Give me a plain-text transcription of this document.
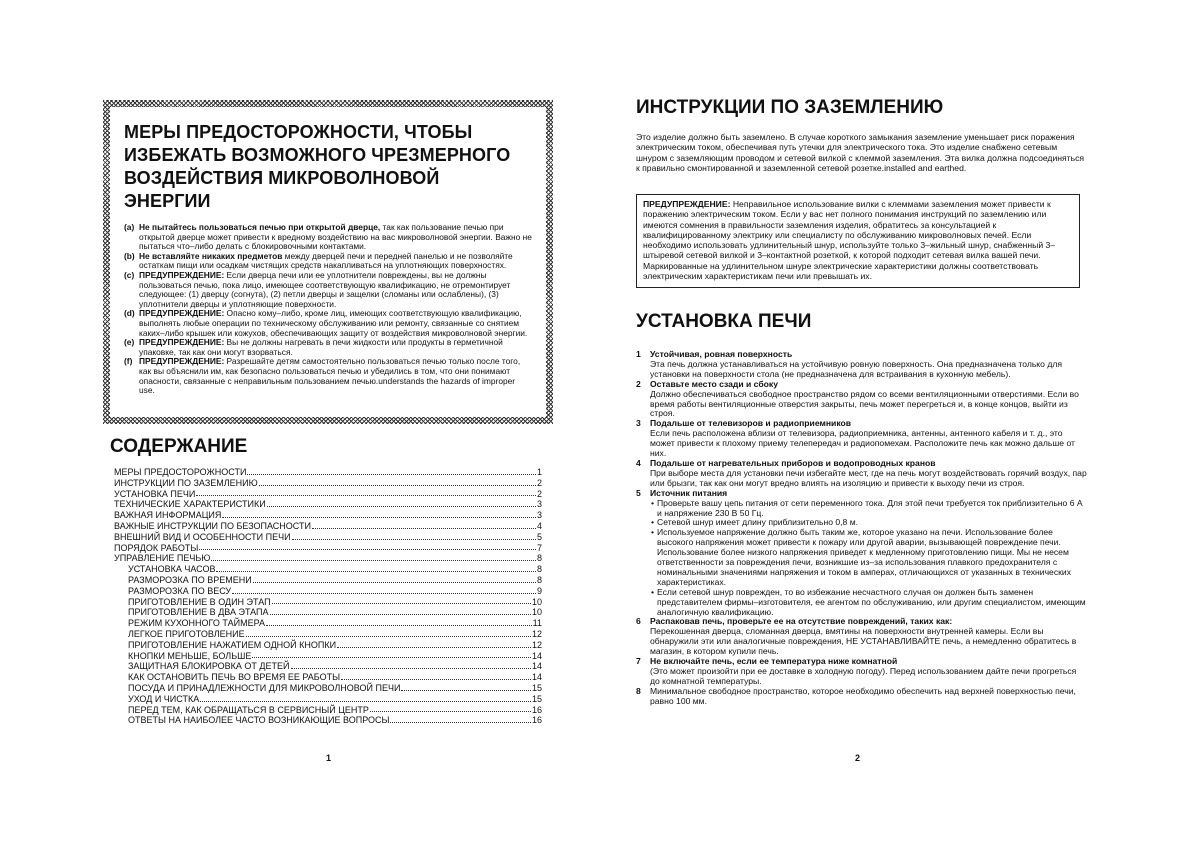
МЕРЫ ПРЕДОСТОРОЖНОСТИ, ЧТОБЫ ИЗБЕЖАТЬ ВОЗМОЖНОГО ЧРЕЗМЕРНОГО ВОЗДЕЙСТВИЯ МИКРОВОЛНОВОЙ ЭНЕРГИИ
(a) Не пытайтесь пользоваться печью при открытой дверце, так как пользование печью при открытой дверце может привести к вредному воздействию на вас микроволновой энергии. Важно не пытаться что–либо делать с блокировочными контактами.
(b) Не вставляйте никаких предметов между дверцей печи и передней панелью и не позволяйте остаткам пищи или осадкам чистящих средств накапливаться на уплотняющих поверхностях.
(c) ПРЕДУПРЕЖДЕНИЕ: Если дверца печи или ее уплотнители повреждены, вы не должны пользоваться печью, пока лицо, имеющее соответствующую квалификацию, не отремонтирует следующее: (1) дверцу (согнута), (2) петли дверцы и защелки (сломаны или ослаблены), (3) уплотнители дверцы и уплотняющие поверхности.
(d) ПРЕДУПРЕЖДЕНИЕ: Опасно кому–либо, кроме лиц, имеющих соответствующую квалификацию, выполнять любые операции по техническому обслуживанию или ремонту, связанные со снятием каких–либо крышек или кожухов, обеспечивающих защиту от воздействия микроволновой энергии.
(e) ПРЕДУПРЕЖДЕНИЕ: Вы не должны нагревать в печи жидкости или продукты в герметичной упаковке, так как они могут взорваться.
(f) ПРЕДУПРЕЖДЕНИЕ: Разрешайте детям самостоятельно пользоваться печью только после того, как вы объяснили им, как безопасно пользоваться печью и убедились в том, что они понимают опасности, связанные с неправильным пользованием печью.understands the hazards of improper use.
СОДЕРЖАНИЕ
МЕРЫ ПРЕДОСТОРОЖНОСТИ	1
ИНСТРУКЦИИ ПО ЗАЗЕМЛЕНИЮ	2
УСТАНОВКА ПЕЧИ	2
ТЕХНИЧЕСКИЕ ХАРАКТЕРИСТИКИ	3
ВАЖНАЯ ИНФОРМАЦИЯ	3
ВАЖНЫЕ ИНСТРУКЦИИ ПО БЕЗОПАСНОСТИ	4
ВНЕШНИЙ ВИД И ОСОБЕННОСТИ ПЕЧИ	5
ПОРЯДОК РАБОТЫ	7
УПРАВЛЕНИЕ ПЕЧЬЮ	8
УСТАНОВКА ЧАСОВ	8
РАЗМОРОЗКА ПО ВРЕМЕНИ	8
РАЗМОРОЗКА ПО ВЕСУ	9
ПРИГОТОВЛЕНИЕ В ОДИН ЭТАП	10
ПРИГОТОВЛЕНИЕ В ДВА ЭТАПА	10
РЕЖИМ КУХОННОГО ТАЙМЕРА	11
ЛЕГКОЕ ПРИГОТОВЛЕНИЕ	12
ПРИГОТОВЛЕНИЕ НАЖАТИЕМ ОДНОЙ КНОПКИ	12
КНОПКИ МЕНЬШЕ, БОЛЬШЕ	14
ЗАЩИТНАЯ БЛОКИРОВКА ОТ ДЕТЕЙ	14
КАК ОСТАНОВИТЬ ПЕЧЬ ВО ВРЕМЯ ЕЕ РАБОТЫ	14
ПОСУДА И ПРИНАДЛЕЖНОСТИ ДЛЯ МИКРОВОЛНОВОЙ ПЕЧИ	15
УХОД И ЧИСТКА	15
ПЕРЕД ТЕМ, КАК ОБРАЩАТЬСЯ В СЕРВИСНЫЙ ЦЕНТР	16
ОТВЕТЫ НА НАИБОЛЕЕ ЧАСТО ВОЗНИКАЮЩИЕ ВОПРОСЫ	16
1
ИНСТРУКЦИИ ПО ЗАЗЕМЛЕНИЮ

Это изделие должно быть заземлено. В случае короткого замыкания заземление уменьшает риск поражения электрическим током, обеспечивая путь утечки для электрического тока. Это изделие снабжено сетевым шнуром с заземляющим проводом и сетевой вилкой с клеммой заземления. Эта вилка должна подсоединяться к правильно смонтированной и заземленной сетевой розетке.installed and earthed.

ПРЕДУПРЕЖДЕНИЕ: Неправильное использование вилки с клеммами заземления может привести к поражению электрическим током. Если у вас нет полного понимания инструкций по заземлению или имеются сомнения в правильности заземления изделия, обратитесь за консультацией к квалифицированному электрику или специалисту по обслуживанию микроволновых печей. Если необходимо использовать удлинительный шнур, используйте только 3–жильный шнур, снабженный 3–штыревой сетевой вилкой и 3–контактной розеткой, к которой подходит сетевая вилка вашей печи. Маркированные на удлинительном шнуре электрические характеристики должны соответствовать электрическим характеристикам печи или превышать их.
УСТАНОВКА ПЕЧИ
1	Устойчивая, ровная поверхность
Эта печь должна устанавливаться на устойчивую ровную поверхность. Она предназначена только для установки на поверхности стола (не предназначена для встраивания в кухонную мебель).
2	Оставьте место сзади и сбоку
Должно обеспечиваться свободное пространство рядом со всеми вентиляционными отверстиями. Если во время работы вентиляционные отверстия закрыты, печь может перегреться и, в конце концов, выйти из строя.
3	Подальше от телевизоров и радиоприемников
Если печь расположена вблизи от телевизора, радиоприемника, антенны, антенного кабеля и т. д., это может привести к плохому приему телепередач и радиопомехам. Расположите печь как можно дальше от них.
4	Подальше от нагревательных приборов и водопроводных кранов
При выборе места для установки печи избегайте мест, где на печь могут воздействовать горячий воздух, пар или брызги, так как они могут вредно влиять на изоляцию и привести к выходу печи из строя.
5	Источник питания
• Проверьте вашу цепь питания от сети переменного тока. Для этой печи требуется ток приблизительно 6 А и напряжение 230 В 50 Гц.
• Сетевой шнур имеет длину приблизительно 0,8 м.
• Используемое напряжение должно быть таким же, которое указано на печи. Использование более высокого напряжения может привести к пожару или другой аварии, вызывающей повреждение печи. Использование более низкого напряжения приведет к медленному приготовлению пищи. Мы не несем ответственности за повреждения печи, возникшие из–за использования плавкого предохранителя с номинальными значениями напряжения и током в амперах, отличающихся от указанных в технических характеристиках.
• Если сетевой шнур поврежден, то во избежание несчастного случая он должен быть заменен представителем фирмы–изготовителя, ее агентом по обслуживанию, или другим специалистом, имеющим аналогичную квалификацию.
6	Распаковав печь, проверьте ее на отсутствие повреждений, таких как:
Перекошенная дверца, сломанная дверца, вмятины на поверхности внутренней камеры. Если вы обнаружили эти или аналогичные повреждения, НЕ УСТАНАВЛИВАЙТЕ печь, а немедленно обратитесь в магазин, в котором купили печь.
7	Не включайте печь, если ее температура ниже комнатной
(Это может произойти при ее доставке в холодную погоду). Перед использованием дайте печи прогреться до комнатной температуры.
8	Минимальное свободное пространство, которое необходимо обеспечить над верхней поверхностью печи, равно 100 мм.
2
